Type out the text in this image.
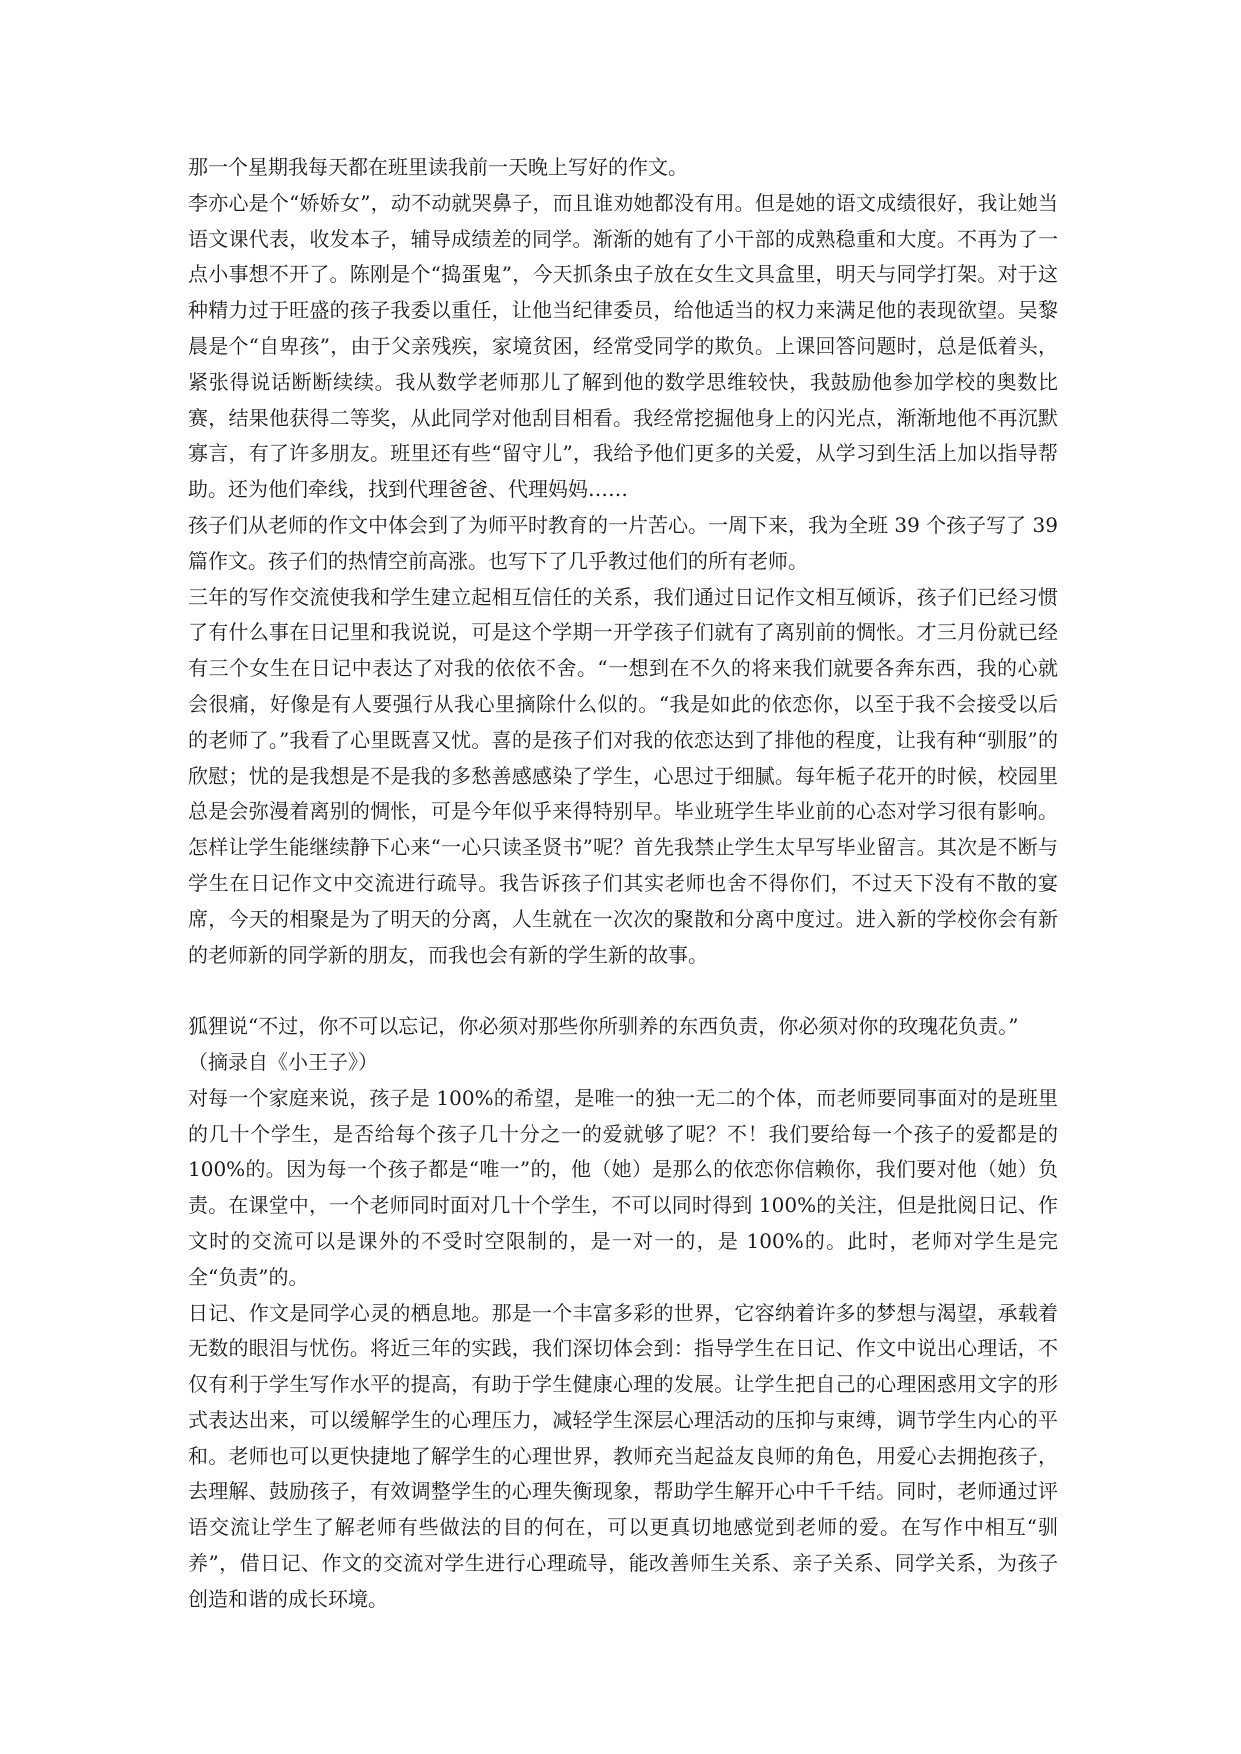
那一个星期我每天都在班里读我前一天晚上写好的作文。

李亦心是个“娇娇女”，动不动就哭鼻子，而且谁劝她都没有用。但是她的语文成绩很好，我让她当语文课代表，收发本子，辅导成绩差的同学。渐渐的她有了小干部的成熟稳重和大度。不再为了一点小事想不开了。陈刚是个“捣蛋鬼”，今天抓条虫子放在女生文具盒里，明天与同学打架。对于这种精力过于旺盛的孩子我委以重任，让他当纪律委员，给他适当的权力来满足他的表现欲望。吴黎晨是个“自卑孩”，由于父亲残疾，家境贫困，经常受同学的欺负。上课回答问题时，总是低着头，紧张得说话断断续续。我从数学老师那儿了解到他的数学思维较快，我鼓励他参加学校的奥数比赛，结果他获得二等奖，从此同学对他刮目相看。我经常挖掘他身上的闪光点，渐渐地他不再沉默寡言，有了许多朋友。班里还有些“留守儿”，我给予他们更多的关爱，从学习到生活上加以指导帮助。还为他们牵线，找到代理爸爸、代理妈妈……

孩子们从老师的作文中体会到了为师平时教育的一片苦心。一周下来，我为全班 39 个孩子写了 39 篇作文。孩子们的热情空前高涨。也写下了几乎教过他们的所有老师。

三年的写作交流使我和学生建立起相互信任的关系，我们通过日记作文相互倾诉，孩子们已经习惯了有什么事在日记里和我说说，可是这个学期一开学孩子们就有了离别前的惆怅。才三月份就已经有三个女生在日记中表达了对我的依依不舍。“一想到在不久的将来我们就要各奔东西，我的心就会很痛，好像是有人要强行从我心里摘除什么似的。“我是如此的依恋你，以至于我不会接受以后的老师了。”我看了心里既喜又忧。喜的是孩子们对我的依恋达到了排他的程度，让我有种“驯服”的欣慰；忧的是我想是不是我的多愁善感感染了学生，心思过于细腻。每年栀子花开的时候，校园里总是会弥漫着离别的惆怅，可是今年似乎来得特别早。毕业班学生毕业前的心态对学习很有影响。怎样让学生能继续静下心来“一心只读圣贤书”呢？首先我禁止学生太早写毕业留言。其次是不断与学生在日记作文中交流进行疏导。我告诉孩子们其实老师也舍不得你们，不过天下没有不散的宴席，今天的相聚是为了明天的分离，人生就在一次次的聚散和分离中度过。进入新的学校你会有新的老师新的同学新的朋友，而我也会有新的学生新的故事。

狐狸说“不过，你不可以忘记，你必须对那些你所驯养的东西负责，你必须对你的玫瑰花负责。”

（摘录自《小王子》）

对每一个家庭来说，孩子是 100%的希望，是唯一的独一无二的个体，而老师要同事面对的是班里的几十个学生，是否给每个孩子几十分之一的爱就够了呢？不！我们要给每一个孩子的爱都是的 100%的。因为每一个孩子都是“唯一”的，他（她）是那么的依恋你信赖你，我们要对他（她）负责。在课堂中，一个老师同时面对几十个学生，不可以同时得到 100%的关注，但是批阅日记、作文时的交流可以是课外的不受时空限制的，是一对一的，是 100%的。此时，老师对学生是完全“负责”的。

日记、作文是同学心灵的栖息地。那是一个丰富多彩的世界，它容纳着许多的梦想与渴望，承载着无数的眼泪与忧伤。将近三年的实践，我们深切体会到：指导学生在日记、作文中说出心理话，不仅有利于学生写作水平的提高，有助于学生健康心理的发展。让学生把自己的心理困惑用文字的形式表达出来，可以缓解学生的心理压力，减轻学生深层心理活动的压抑与束缚，调节学生内心的平和。老师也可以更快捷地了解学生的心理世界，教师充当起益友良师的角色，用爱心去拥抱孩子，去理解、鼓励孩子，有效调整学生的心理失衡现象，帮助学生解开心中千千结。同时，老师通过评语交流让学生了解老师有些做法的目的何在，可以更真切地感觉到老师的爱。在写作中相互“驯养”，借日记、作文的交流对学生进行心理疏导，能改善师生关系、亲子关系、同学关系，为孩子创造和谐的成长环境。
